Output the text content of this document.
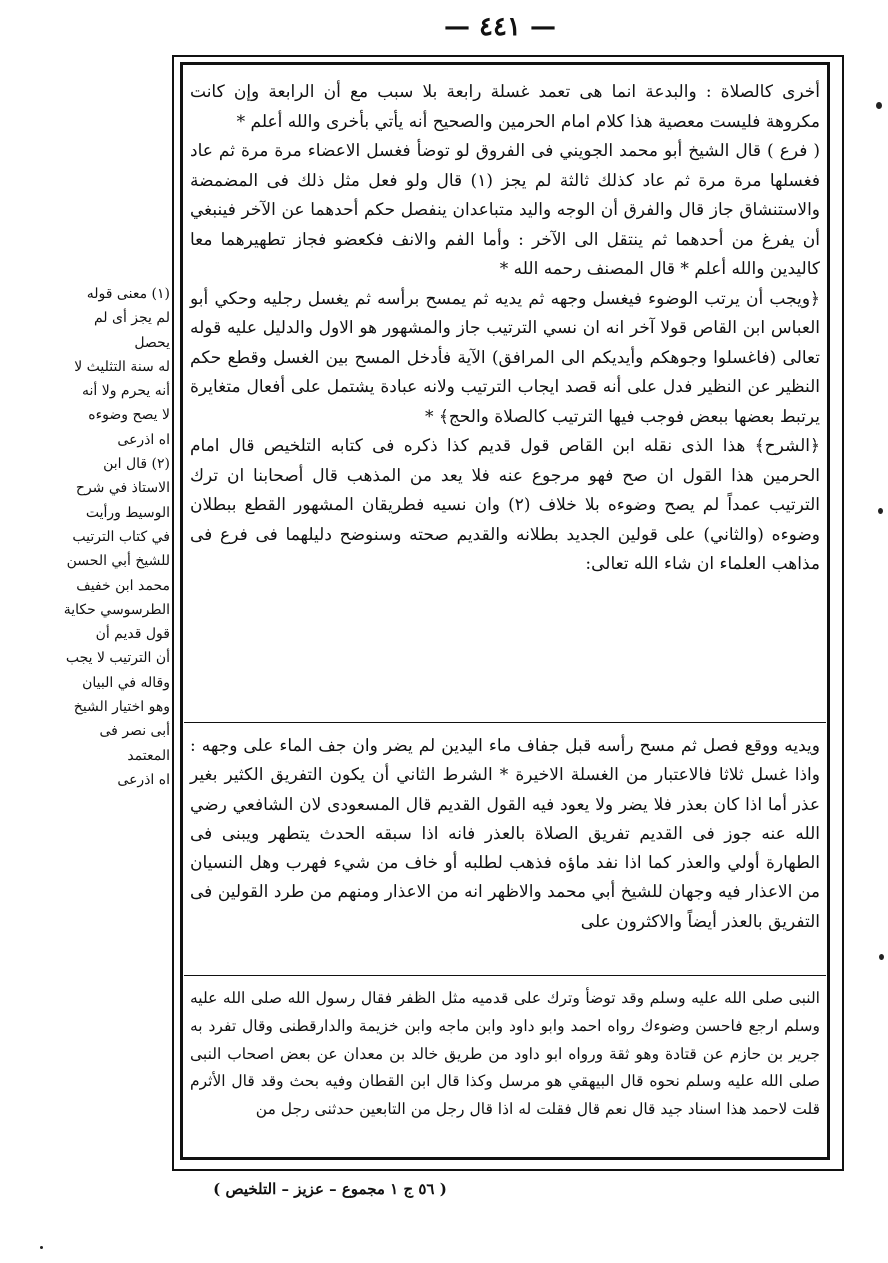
— ٤٤١ —

أخرى كالصلاة : والبدعة انما هى تعمد غسلة رابعة بلا سبب مع أن الرابعة وإن كانت مكروهة فليست معصية هذا كلام امام الحرمين والصحيح أنه يأتي بأخرى والله أعلم *

( فرع ) قال الشيخ أبو محمد الجويني فى الفروق لو توضأ فغسل الاعضاء مرة مرة ثم عاد فغسلها مرة مرة ثم عاد كذلك ثالثة لم يجز (١) قال ولو فعل مثل ذلك فى المضمضة والاستنشاق جاز قال والفرق أن الوجه واليد متباعدان ينفصل حكم أحدهما عن الآخر فينبغي أن يفرغ من أحدهما ثم ينتقل الى الآخر : وأما الفم والانف فكعضو فجاز تطهيرهما معا كاليدين والله أعلم * قال المصنف رحمه الله *

﴿ويجب أن يرتب الوضوء فيغسل وجهه ثم يديه ثم يمسح برأسه ثم يغسل رجليه وحكي أبو العباس ابن القاص قولا آخر انه ان نسي الترتيب جاز والمشهور هو الاول والدليل عليه قوله تعالى (فاغسلوا وجوهكم وأيديكم الى المرافق) الآية فأدخل المسح بين الغسل وقطع حكم النظير عن النظير فدل على أنه قصد ايجاب الترتيب ولانه عبادة يشتمل على أفعال متغايرة يرتبط بعضها ببعض فوجب فيها الترتيب كالصلاة والحج﴾ *

﴿الشرح﴾ هذا الذى نقله ابن القاص قول قديم كذا ذكره فى كتابه التلخيص قال امام الحرمين هذا القول ان صح فهو مرجوع عنه فلا يعد من المذهب قال أصحابنا ان ترك الترتيب عمداً لم يصح وضوءه بلا خلاف (٢) وان نسيه فطريقان المشهور القطع ببطلان وضوءه (والثاني) على قولين الجديد بطلانه والقديم صحته وسنوضح دليلهما فى فرع فى مذاهب العلماء ان شاء الله تعالى:

ويديه ووقع فصل ثم مسح رأسه قبل جفاف ماء اليدين لم يضر وان جف الماء على وجهه : واذا غسل ثلاثا فالاعتبار من الغسلة الاخيرة * الشرط الثاني أن يكون التفريق الكثير بغير عذر أما اذا كان بعذر فلا يضر ولا يعود فيه القول القديم قال المسعودى لان الشافعي رضي الله عنه جوز فى القديم تفريق الصلاة بالعذر فانه اذا سبقه الحدث يتطهر ويبنى فى الطهارة أولي والعذر كما اذا نفد ماؤه فذهب لطلبه أو خاف من شيء فهرب وهل النسيان من الاعذار فيه وجهان للشيخ أبي محمد والاظهر انه من الاعذار ومنهم من طرد القولين فى التفريق بالعذر أيضاً والاكثرون على

النبى صلى الله عليه وسلم وقد توضأ وترك على قدميه مثل الظفر فقال رسول الله صلى الله عليه وسلم ارجع فاحسن وضوءك رواه احمد وابو داود وابن ماجه وابن خزيمة والدارقطنى وقال تفرد به جرير بن حازم عن قتادة وهو ثقة ورواه ابو داود من طريق خالد بن معدان عن بعض اصحاب النبى صلى الله عليه وسلم نحوه قال البيهقي هو مرسل وكذا قال ابن القطان وفيه بحث وقد قال الأثرم قلت لاحمد هذا اسناد جيد قال نعم قال فقلت له اذا قال رجل من التابعين حدثنى رجل من

(١) معنى قوله

لم يجز أى لم يحصل

له سنة التثليث لا

أنه يحرم ولا أنه

لا يصح وضوءه

اه اذرعى

(٢) قال ابن

الاستاذ في شرح

الوسيط ورأيت

في كتاب الترتيب

للشيخ أبي الحسن

محمد ابن خفيف

الطرسوسي حكاية

قول قديم أن

أن الترتيب لا يجب

وقاله في البيان

وهو اختيار الشيخ

أبى نصر فى المعتمد

اه اذرعى

( ٥٦ ج ١ مجموع – عزيز – التلخيص )
